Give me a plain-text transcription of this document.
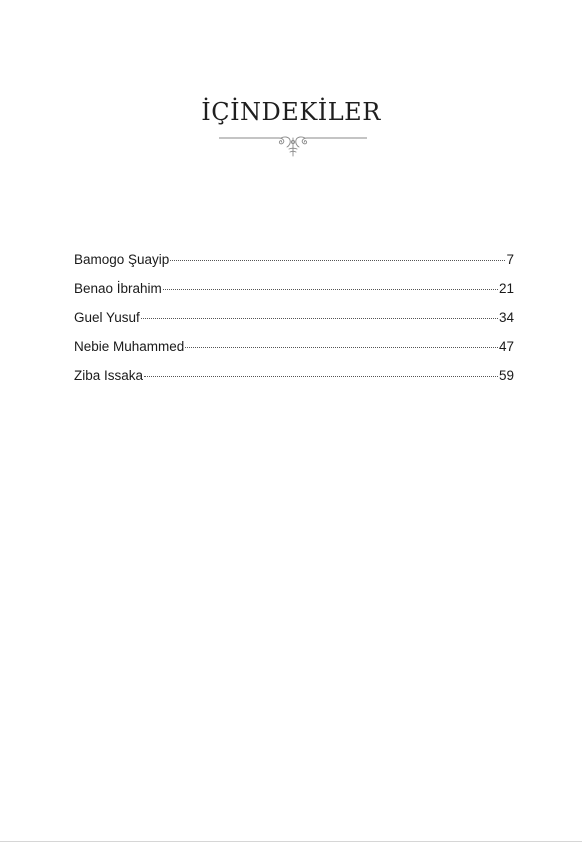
İÇİNDEKİLER
Bamogo Şuayip	7
Benao İbrahim	21
Guel Yusuf	34
Nebie Muhammed	47
Ziba Issaka	59
